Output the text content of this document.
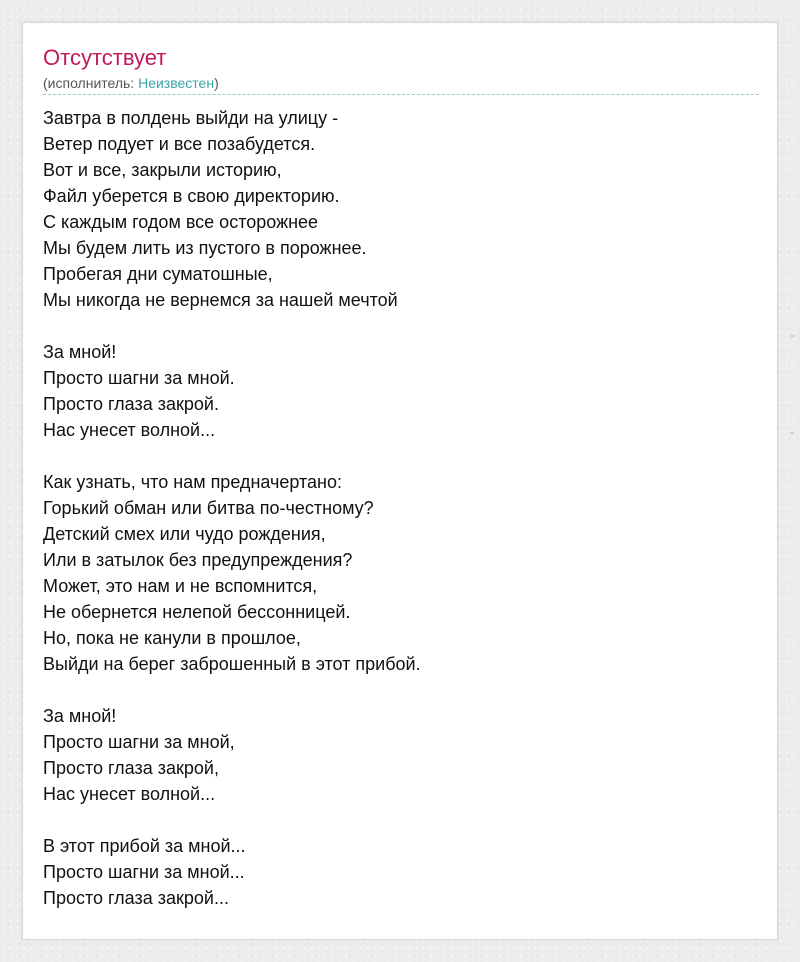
Отсутствует
(исполнитель: Неизвестен)
Завтра в полдень выйди на улицу -
Ветер подует и все позабудется.
Вот и все, закрыли историю,
Файл уберется в свою директорию.
С каждым годом все осторожнее
Мы будем лить из пустого в порожнее.
Пробегая дни суматошные,
Мы никогда не вернемся за нашей мечтой
За мной!
Просто шагни за мной.
Просто глаза закрой.
Нас унесет волной...
Как узнать, что нам предначертано:
Горький обман или битва по-честному?
Детский смех или чудо рождения,
Или в затылок без предупреждения?
Может, это нам и не вспомнится,
Не обернется нелепой бессонницей.
Но, пока не канули в прошлое,
Выйди на берег заброшенный в этот прибой.
За мной!
Просто шагни за мной,
Просто глаза закрой,
Нас унесет волной...
В этот прибой за мной...
Просто шагни за мной...
Просто глаза закрой...
